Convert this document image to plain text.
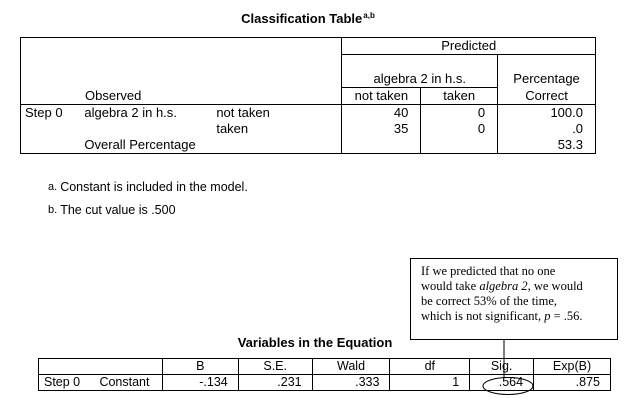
Classification Table$^{a,b}$
Observed			Predicted		
			algebra 2 in h.s.		Percentage
Correct
			not taken	taken	
Step 0	algebra 2 in h.s.	not taken	40	0	100.0
		taken	35	0	.0
	Overall Percentage				53.3
a. Constant is included in the model.
b. The cut value is .500
If we predicted that no one
would take algebra 2, we would
be correct 53% of the time,
which is not significant, p = .56.
Variables in the Equation
		B	S.E.	Wald	df	Sig.	Exp(B)
Step 0	Constant	-.134	.231	.333	1	.564	.875
